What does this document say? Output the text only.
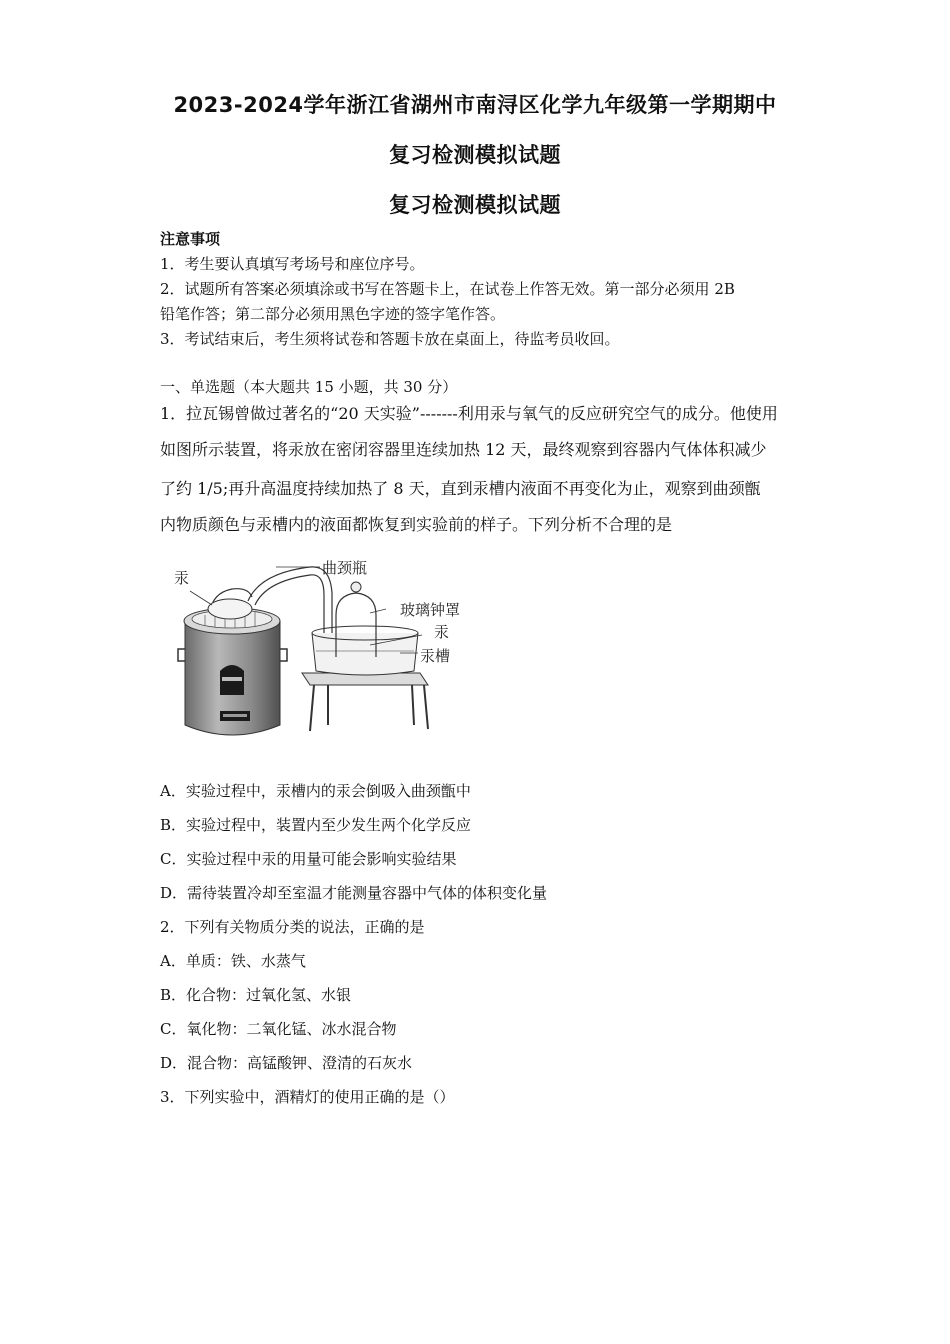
2023-2024学年浙江省湖州市南浔区化学九年级第一学期期中
复习检测模拟试题
复习检测模拟试题
注意事项
1．考生要认真填写考场号和座位序号。
2．试题所有答案必须填涂或书写在答题卡上，在试卷上作答无效。第一部分必须用 2B
铅笔作答；第二部分必须用黑色字迹的签字笔作答。
3．考试结束后，考生须将试卷和答题卡放在桌面上，待监考员收回。
一、单选题（本大题共 15 小题，共 30 分）
1．拉瓦锡曾做过著名的“20 天实验”-------利用汞与氧气的反应研究空气的成分。他使用
如图所示装置，将汞放在密闭容器里连续加热 12 天，最终观察到容器内气体体积减少
了约 1/5;再升高温度持续加热了 8 天，直到汞槽内液面不再变化为止，观察到曲颈甑
内物质颜色与汞槽内的液面都恢复到实验前的样子。下列分析不合理的是
汞
曲颈瓶
玻璃钟罩
汞
汞槽
A．实验过程中，汞槽内的汞会倒吸入曲颈甑中
B．实验过程中，装置内至少发生两个化学反应
C．实验过程中汞的用量可能会影响实验结果
D．需待装置冷却至室温才能测量容器中气体的体积变化量
2．下列有关物质分类的说法，正确的是
A．单质：铁、水蒸气
B．化合物：过氧化氢、水银
C．氧化物：二氧化锰、冰水混合物
D．混合物：高锰酸钾、澄清的石灰水
3．下列实验中，酒精灯的使用正确的是（）
